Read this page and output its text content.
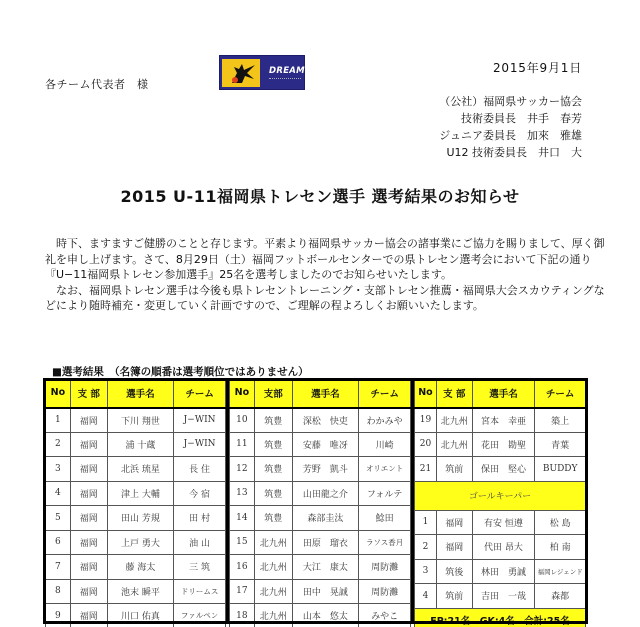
各チーム代表者　様
DREAM	2015年9月1日
（公社）福岡県サッカー協会
技術委員長　井手　春芳
ジュニア委員長　加來　雅雄
U12 技術委員長　井口　大
2015 U-11福岡県トレセン選手 選考結果のお知らせ

時下、ますますご健勝のことと存じます。平素より福岡県サッカー協会の諸事業にご協力を賜りまして、厚く御礼を申し上げます。さて、8月29日（土）福岡フットボールセンターでの県トレセン選考会において下記の通り『U−11福岡県トレセン参加選手』25名を選考しましたのでお知らせいたします。

なお、福岡県トレセン選手は今後も県トレセントレーニング・支部トレセン推薦・福岡県大会スカウティングなどにより随時補充・変更していく計画ですので、ご理解の程よろしくお願いいたします。

■選考結果　（名簿の順番は選考順位ではありません）
No	支 部	選手名	チーム
1	福岡	下川 翔世	J−WIN
2	福岡	浦 十蔵	J−WIN
3	福岡	北浜 琉星	長 住
4	福岡	津上 大輔	今 宿
5	福岡	田山 芳規	田 村
6	福岡	上戸 勇大	油 山
7	福岡	藤 海太	三 筑
8	福岡	池末 瞬平	ドリームス
9	福岡	川口 佑真	ファルペン
No	支部	選手名	チーム
10	筑豊	深松　快吏	わかみや
11	筑豊	安藤　唯冴	川崎
12	筑豊	芳野　凱斗	オリエント
13	筑豊	山田龍之介	フォルテ
14	筑豊	森部圭汰	鯰田
15	北九州	田原　瑠衣	ラソス香月
16	北九州	大江　康太	周防灘
17	北九州	田中　晃誠	周防灘
18	北九州	山本　悠太	みやこ
No	支 部	選手名	チーム
19	北九州	宮本　幸亜	築上
20	北九州	花田　勘聖	青葉
21	筑前	保田　堅心	BUDDY
ゴールキーパー			
1	福岡	有安 恒遵	松 島
2	福岡	代田 昂大	柏 南
3	筑後	林田　勇誠	福岡レジェンド
4	筑前	吉田　一哉	森都
FP:21名　GK:4名　合計:25名			
